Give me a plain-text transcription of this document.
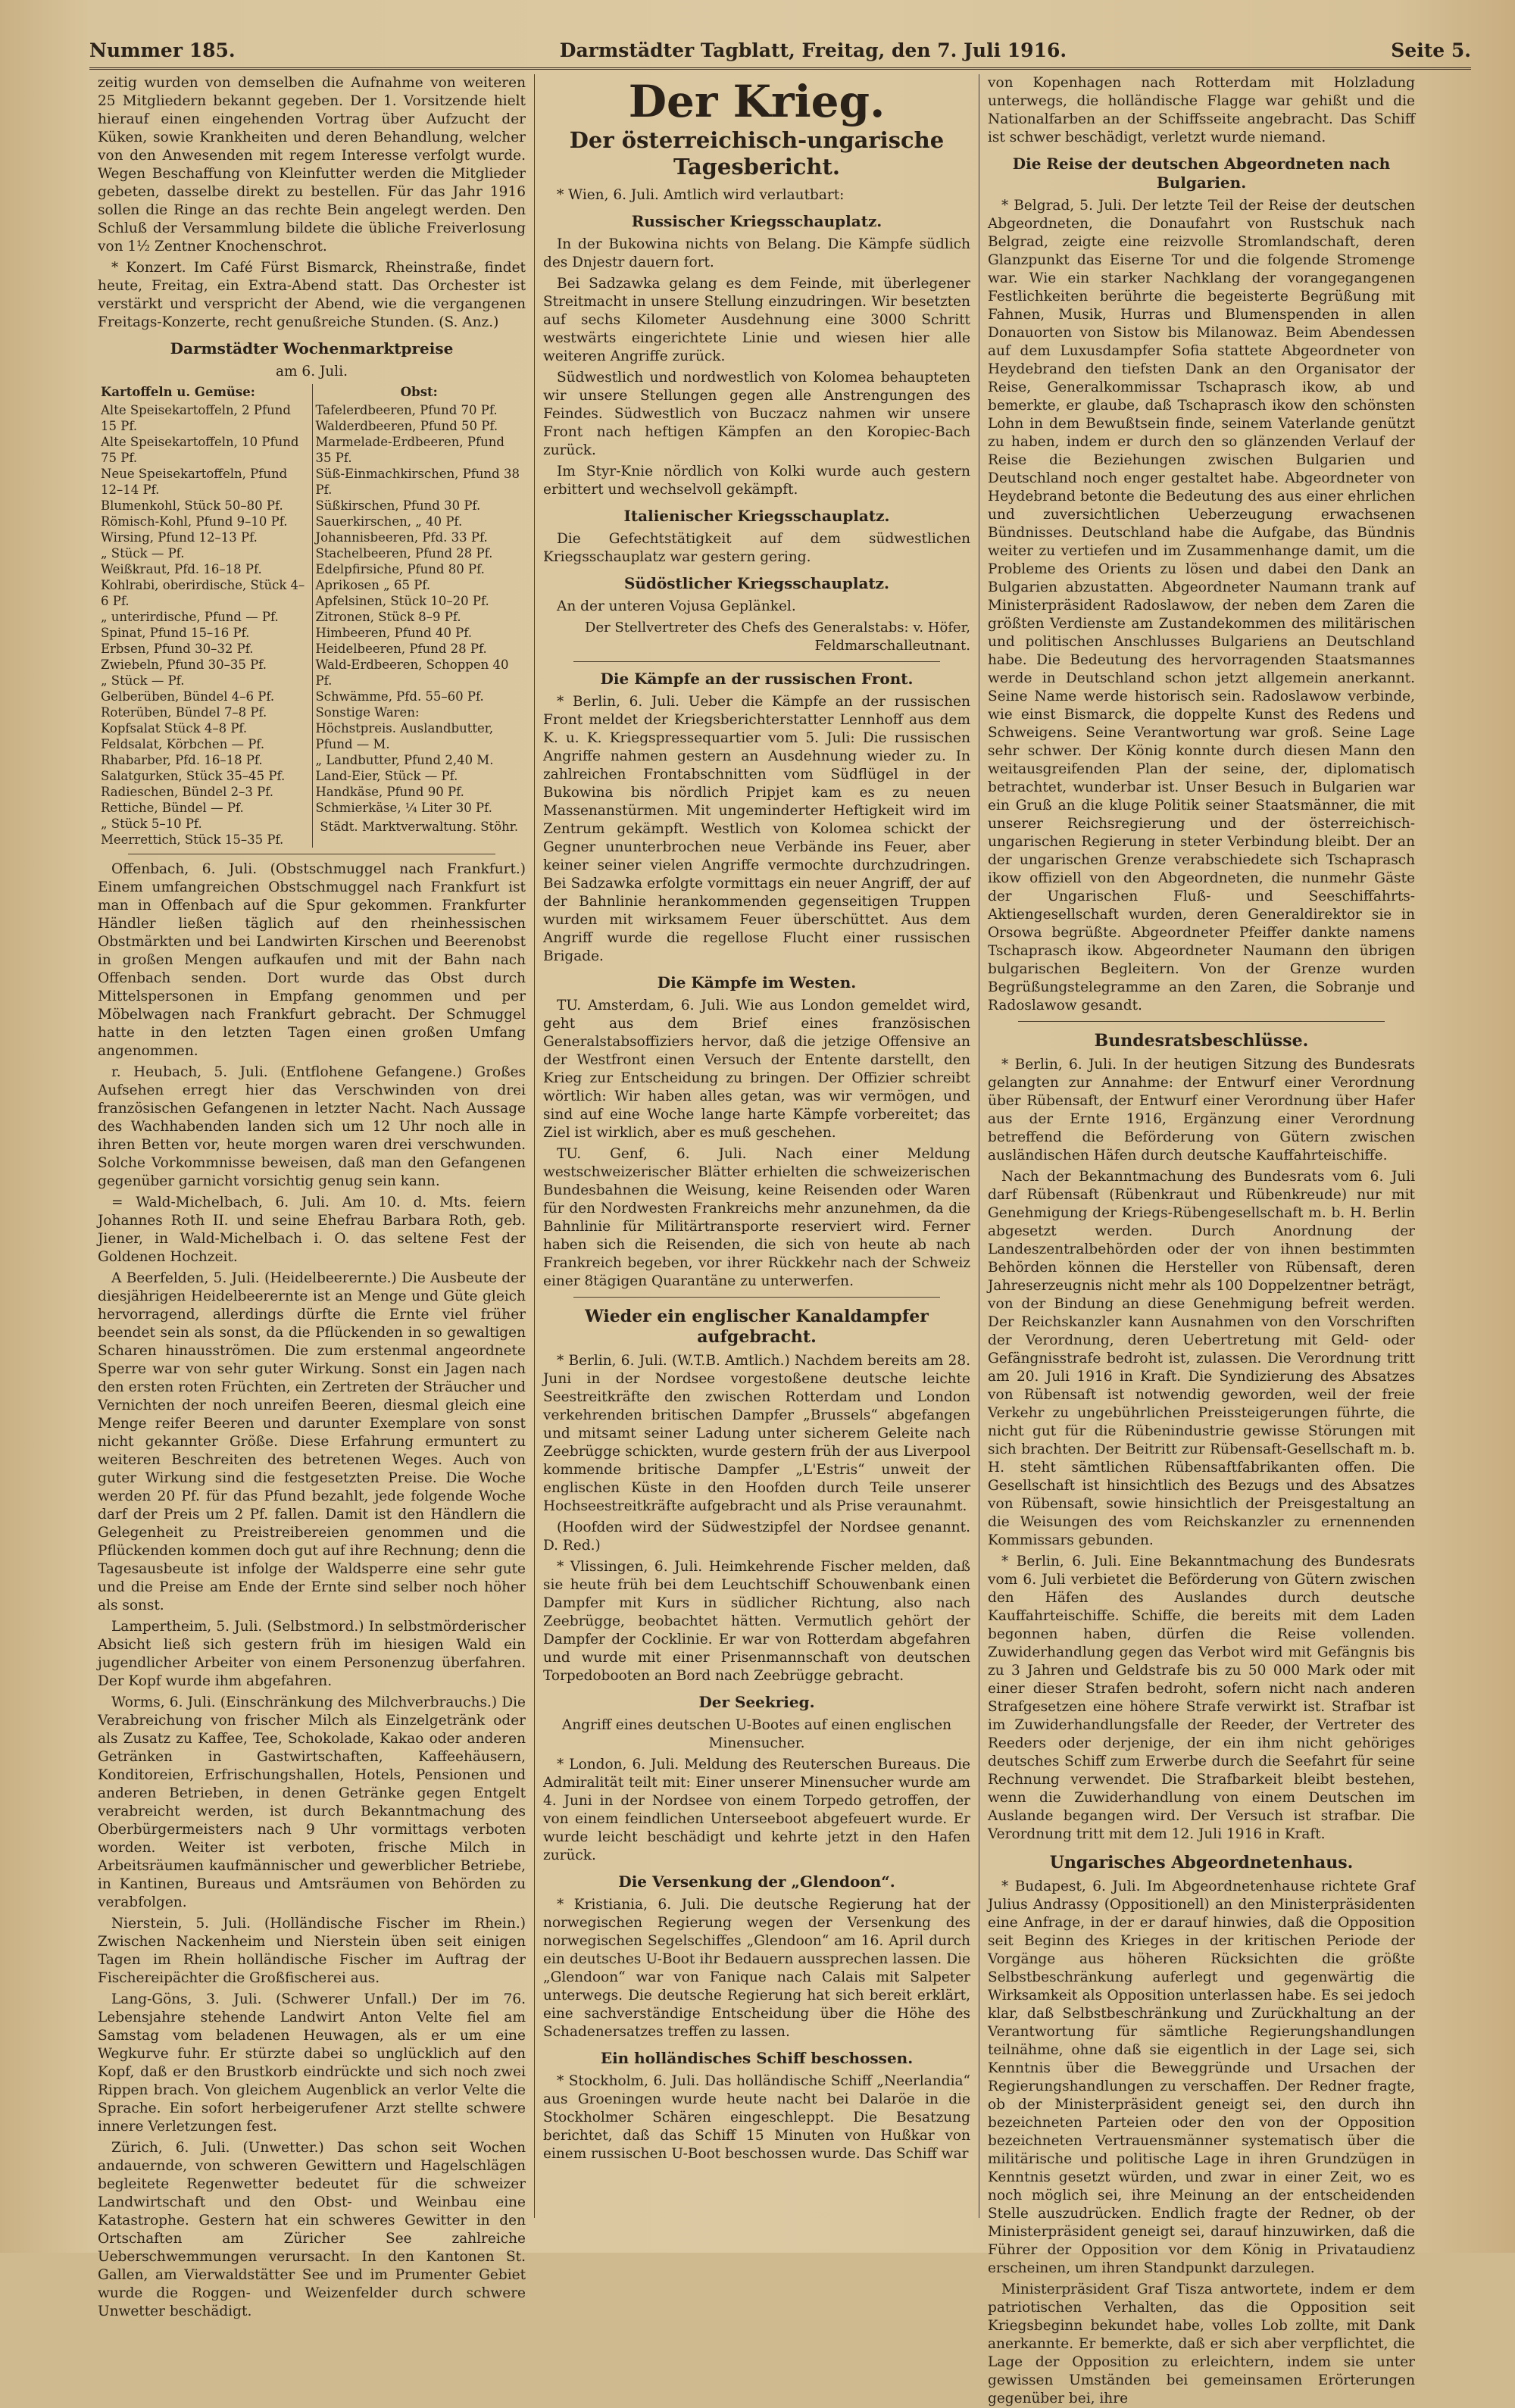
Nummer 185.	Darmstädter Tagblatt, Freitag, den 7. Juli 1916.	Seite 5.

zeitig wurden von demselben die Aufnahme von weiteren 25 Mitgliedern bekannt gegeben. Der 1. Vorsitzende hielt hierauf einen eingehenden Vortrag über Aufzucht der Küken, sowie Krankheiten und deren Behandlung, welcher von den Anwesenden mit regem Interesse verfolgt wurde. Wegen Beschaffung von Kleinfutter werden die Mitglieder gebeten, dasselbe direkt zu bestellen. Für das Jahr 1916 sollen die Ringe an das rechte Bein angelegt werden. Den Schluß der Versammlung bildete die übliche Freiverlosung von 1½ Zentner Knochenschrot.

* Konzert. Im Café Fürst Bismarck, Rheinstraße, findet heute, Freitag, ein Extra-Abend statt. Das Orchester ist verstärkt und verspricht der Abend, wie die vergangenen Freitags-Konzerte, recht genußreiche Stunden. (S. Anz.)

Darmstädter Wochenmarktpreise

am 6. Juli.

Kartoffeln u. Gemüse:
Alte Speisekartoffeln, 2 Pfund 15 Pf.
Alte Speisekartoffeln, 10 Pfund 75 Pf.
Neue Speisekartoffeln, Pfund 12–14 Pf.
Blumenkohl, Stück 50–80 Pf.
Römisch-Kohl, Pfund 9–10 Pf.
Wirsing, Pfund 12–13 Pf.
„ Stück — Pf.
Weißkraut, Pfd. 16–18 Pf.
Kohlrabi, oberirdische, Stück 4–6 Pf.
„ unterirdische, Pfund — Pf.
Spinat, Pfund 15–16 Pf.
Erbsen, Pfund 30–32 Pf.
Zwiebeln, Pfund 30–35 Pf.
„ Stück — Pf.
Gelberüben, Bündel 4–6 Pf.
Roterüben, Bündel 7–8 Pf.
Kopfsalat Stück 4–8 Pf.
Feldsalat, Körbchen — Pf.
Rhabarber, Pfd. 16–18 Pf.
Salatgurken, Stück 35–45 Pf.
Radieschen, Bündel 2–3 Pf.
Rettiche, Bündel — Pf.
„ Stück 5–10 Pf.
Meerrettich, Stück 15–35 Pf.
Obst:
Tafelerdbeeren, Pfund 70 Pf.
Walderdbeeren, Pfund 50 Pf.
Marmelade-Erdbeeren, Pfund 35 Pf.
Süß-Einmachkirschen, Pfund 38 Pf.
Süßkirschen, Pfund 30 Pf.
Sauerkirschen, „ 40 Pf.
Johannisbeeren, Pfd. 33 Pf.
Stachelbeeren, Pfund 28 Pf.
Edelpfirsiche, Pfund 80 Pf.
Aprikosen „ 65 Pf.
Apfelsinen, Stück 10–20 Pf.
Zitronen, Stück 8–9 Pf.
Himbeeren, Pfund 40 Pf.
Heidelbeeren, Pfund 28 Pf.
Wald-Erdbeeren, Schoppen 40 Pf.
Schwämme, Pfd. 55–60 Pf.
Sonstige Waren:
Höchstpreis. Auslandbutter, Pfund — M.
„ Landbutter, Pfund 2,40 M.
Land-Eier, Stück — Pf.
Handkäse, Pfund 90 Pf.
Schmierkäse, ¼ Liter 30 Pf.

Städt. Marktverwaltung. Stöhr.

Offenbach, 6. Juli. (Obstschmuggel nach Frankfurt.) Einem umfangreichen Obstschmuggel nach Frankfurt ist man in Offenbach auf die Spur gekommen. Frankfurter Händler ließen täglich auf den rheinhessischen Obstmärkten und bei Landwirten Kirschen und Beerenobst in großen Mengen aufkaufen und mit der Bahn nach Offenbach senden. Dort wurde das Obst durch Mittelspersonen in Empfang genommen und per Möbelwagen nach Frankfurt gebracht. Der Schmuggel hatte in den letzten Tagen einen großen Umfang angenommen.

r. Heubach, 5. Juli. (Entflohene Gefangene.) Großes Aufsehen erregt hier das Verschwinden von drei französischen Gefangenen in letzter Nacht. Nach Aussage des Wachhabenden landen sich um 12 Uhr noch alle in ihren Betten vor, heute morgen waren drei verschwunden. Solche Vorkommnisse beweisen, daß man den Gefangenen gegenüber garnicht vorsichtig genug sein kann.

= Wald-Michelbach, 6. Juli. Am 10. d. Mts. feiern Johannes Roth II. und seine Ehefrau Barbara Roth, geb. Jiener, in Wald-Michelbach i. O. das seltene Fest der Goldenen Hochzeit.

A Beerfelden, 5. Juli. (Heidelbeerernte.) Die Ausbeute der diesjährigen Heidelbeerernte ist an Menge und Güte gleich hervorragend, allerdings dürfte die Ernte viel früher beendet sein als sonst, da die Pflückenden in so gewaltigen Scharen hinausströmen. Die zum erstenmal angeordnete Sperre war von sehr guter Wirkung. Sonst ein Jagen nach den ersten roten Früchten, ein Zertreten der Sträucher und Vernichten der noch unreifen Beeren, diesmal gleich eine Menge reifer Beeren und darunter Exemplare von sonst nicht gekannter Größe. Diese Erfahrung ermuntert zu weiteren Beschreiten des betretenen Weges. Auch von guter Wirkung sind die festgesetzten Preise. Die Woche werden 20 Pf. für das Pfund bezahlt, jede folgende Woche darf der Preis um 2 Pf. fallen. Damit ist den Händlern die Gelegenheit zu Preistreibereien genommen und die Pflückenden kommen doch gut auf ihre Rechnung; denn die Tagesausbeute ist infolge der Waldsperre eine sehr gute und die Preise am Ende der Ernte sind selber noch höher als sonst.

Lampertheim, 5. Juli. (Selbstmord.) In selbstmörderischer Absicht ließ sich gestern früh im hiesigen Wald ein jugendlicher Arbeiter von einem Personenzug überfahren. Der Kopf wurde ihm abgefahren.

Worms, 6. Juli. (Einschränkung des Milchverbrauchs.) Die Verabreichung von frischer Milch als Einzelgetränk oder als Zusatz zu Kaffee, Tee, Schokolade, Kakao oder anderen Getränken in Gastwirtschaften, Kaffeehäusern, Konditoreien, Erfrischungshallen, Hotels, Pensionen und anderen Betrieben, in denen Getränke gegen Entgelt verabreicht werden, ist durch Bekanntmachung des Oberbürgermeisters nach 9 Uhr vormittags verboten worden. Weiter ist verboten, frische Milch in Arbeitsräumen kaufmännischer und gewerblicher Betriebe, in Kantinen, Bureaus und Amtsräumen von Behörden zu verabfolgen.

Nierstein, 5. Juli. (Holländische Fischer im Rhein.) Zwischen Nackenheim und Nierstein üben seit einigen Tagen im Rhein holländische Fischer im Auftrag der Fischereipächter die Großfischerei aus.

Lang-Göns, 3. Juli. (Schwerer Unfall.) Der im 76. Lebensjahre stehende Landwirt Anton Velte fiel am Samstag vom beladenen Heuwagen, als er um eine Wegkurve fuhr. Er stürzte dabei so unglücklich auf den Kopf, daß er den Brustkorb eindrückte und sich noch zwei Rippen brach. Von gleichem Augenblick an verlor Velte die Sprache. Ein sofort herbeigerufener Arzt stellte schwere innere Verletzungen fest.

Zürich, 6. Juli. (Unwetter.) Das schon seit Wochen andauernde, von schweren Gewittern und Hagelschlägen begleitete Regenwetter bedeutet für die schweizer Landwirtschaft und den Obst- und Weinbau eine Katastrophe. Gestern hat ein schweres Gewitter in den Ortschaften am Züricher See zahlreiche Ueberschwemmungen verursacht. In den Kantonen St. Gallen, am Vierwaldstätter See und im Prumenter Gebiet wurde die Roggen- und Weizenfelder durch schwere Unwetter beschädigt.

Der Krieg.
Der österreichisch-ungarische Tagesbericht.

* Wien, 6. Juli. Amtlich wird verlautbart:

Russischer Kriegsschauplatz.

In der Bukowina nichts von Belang. Die Kämpfe südlich des Dnjestr dauern fort.

Bei Sadzawka gelang es dem Feinde, mit überlegener Streitmacht in unsere Stellung einzudringen. Wir besetzten auf sechs Kilometer Ausdehnung eine 3000 Schritt westwärts eingerichtete Linie und wiesen hier alle weiteren Angriffe zurück.

Südwestlich und nordwestlich von Kolomea behaupteten wir unsere Stellungen gegen alle Anstrengungen des Feindes. Südwestlich von Buczacz nahmen wir unsere Front nach heftigen Kämpfen an den Koropiec-Bach zurück.

Im Styr-Knie nördlich von Kolki wurde auch gestern erbittert und wechselvoll gekämpft.

Italienischer Kriegsschauplatz.

Die Gefechtstätigkeit auf dem südwestlichen Kriegsschauplatz war gestern gering.

Südöstlicher Kriegsschauplatz.

An der unteren Vojusa Geplänkel.

Der Stellvertreter des Chefs des Generalstabs: v. Höfer, Feldmarschalleutnant.

Die Kämpfe an der russischen Front.

* Berlin, 6. Juli. Ueber die Kämpfe an der russischen Front meldet der Kriegsberichterstatter Lennhoff aus dem K. u. K. Kriegspressequartier vom 5. Juli: Die russischen Angriffe nahmen gestern an Ausdehnung wieder zu. In zahlreichen Frontabschnitten vom Südflügel in der Bukowina bis nördlich Pripjet kam es zu neuen Massenanstürmen. Mit ungeminderter Heftigkeit wird im Zentrum gekämpft. Westlich von Kolomea schickt der Gegner ununterbrochen neue Verbände ins Feuer, aber keiner seiner vielen Angriffe vermochte durchzudringen. Bei Sadzawka erfolgte vormittags ein neuer Angriff, der auf der Bahnlinie herankommenden gegenseitigen Truppen wurden mit wirksamem Feuer überschüttet. Aus dem Angriff wurde die regellose Flucht einer russischen Brigade.

Die Kämpfe im Westen.

TU. Amsterdam, 6. Juli. Wie aus London gemeldet wird, geht aus dem Brief eines französischen Generalstabsoffiziers hervor, daß die jetzige Offensive an der Westfront einen Versuch der Entente darstellt, den Krieg zur Entscheidung zu bringen. Der Offizier schreibt wörtlich: Wir haben alles getan, was wir vermögen, und sind auf eine Woche lange harte Kämpfe vorbereitet; das Ziel ist wirklich, aber es muß geschehen.

TU. Genf, 6. Juli. Nach einer Meldung westschweizerischer Blätter erhielten die schweizerischen Bundesbahnen die Weisung, keine Reisenden oder Waren für den Nordwesten Frankreichs mehr anzunehmen, da die Bahnlinie für Militärtransporte reserviert wird. Ferner haben sich die Reisenden, die sich von heute ab nach Frankreich begeben, vor ihrer Rückkehr nach der Schweiz einer 8tägigen Quarantäne zu unterwerfen.

Wieder ein englischer Kanaldampfer aufgebracht.

* Berlin, 6. Juli. (W.T.B. Amtlich.) Nachdem bereits am 28. Juni in der Nordsee vorgestoßene deutsche leichte Seestreitkräfte den zwischen Rotterdam und London verkehrenden britischen Dampfer „Brussels“ abgefangen und mitsamt seiner Ladung unter sicherem Geleite nach Zeebrügge schickten, wurde gestern früh der aus Liverpool kommende britische Dampfer „L'Estris“ unweit der englischen Küste in den Hoofden durch Teile unserer Hochseestreitkräfte aufgebracht und als Prise veraunahmt.

(Hoofden wird der Südwestzipfel der Nordsee genannt. D. Red.)

* Vlissingen, 6. Juli. Heimkehrende Fischer melden, daß sie heute früh bei dem Leuchtschiff Schouwenbank einen Dampfer mit Kurs in südlicher Richtung, also nach Zeebrügge, beobachtet hätten. Vermutlich gehört der Dampfer der Cocklinie. Er war von Rotterdam abgefahren und wurde mit einer Prisenmannschaft von deutschen Torpedobooten an Bord nach Zeebrügge gebracht.

Der Seekrieg.

Angriff eines deutschen U-Bootes auf einen englischen Minensucher.

* London, 6. Juli. Meldung des Reuterschen Bureaus. Die Admiralität teilt mit: Einer unserer Minensucher wurde am 4. Juni in der Nordsee von einem Torpedo getroffen, der von einem feindlichen Unterseeboot abgefeuert wurde. Er wurde leicht beschädigt und kehrte jetzt in den Hafen zurück.

Die Versenkung der „Glendoon“.

* Kristiania, 6. Juli. Die deutsche Regierung hat der norwegischen Regierung wegen der Versenkung des norwegischen Segelschiffes „Glendoon“ am 16. April durch ein deutsches U-Boot ihr Bedauern aussprechen lassen. Die „Glendoon“ war von Fanique nach Calais mit Salpeter unterwegs. Die deutsche Regierung hat sich bereit erklärt, eine sachverständige Entscheidung über die Höhe des Schadenersatzes treffen zu lassen.

Ein holländisches Schiff beschossen.

* Stockholm, 6. Juli. Das holländische Schiff „Neerlandia“ aus Groeningen wurde heute nacht bei Dalaröe in die Stockholmer Schären eingeschleppt. Die Besatzung berichtet, daß das Schiff 15 Minuten von Hußkar von einem russischen U-Boot beschossen wurde. Das Schiff war

von Kopenhagen nach Rotterdam mit Holzladung unterwegs, die holländische Flagge war gehißt und die Nationalfarben an der Schiffsseite angebracht. Das Schiff ist schwer beschädigt, verletzt wurde niemand.

Die Reise der deutschen Abgeordneten nach Bulgarien.

* Belgrad, 5. Juli. Der letzte Teil der Reise der deutschen Abgeordneten, die Donaufahrt von Rustschuk nach Belgrad, zeigte eine reizvolle Stromlandschaft, deren Glanzpunkt das Eiserne Tor und die folgende Stromenge war. Wie ein starker Nachklang der vorangegangenen Festlichkeiten berührte die begeisterte Begrüßung mit Fahnen, Musik, Hurras und Blumenspenden in allen Donauorten von Sistow bis Milanowaz. Beim Abendessen auf dem Luxusdampfer Sofia stattete Abgeordneter von Heydebrand den tiefsten Dank an den Organisator der Reise, Generalkommissar Tschaprasch ikow, ab und bemerkte, er glaube, daß Tschaprasch ikow den schönsten Lohn in dem Bewußtsein finde, seinem Vaterlande genützt zu haben, indem er durch den so glänzenden Verlauf der Reise die Beziehungen zwischen Bulgarien und Deutschland noch enger gestaltet habe. Abgeordneter von Heydebrand betonte die Bedeutung des aus einer ehrlichen und zuversichtlichen Ueberzeugung erwachsenen Bündnisses. Deutschland habe die Aufgabe, das Bündnis weiter zu vertiefen und im Zusammenhange damit, um die Probleme des Orients zu lösen und dabei den Dank an Bulgarien abzustatten. Abgeordneter Naumann trank auf Ministerpräsident Radoslawow, der neben dem Zaren die größten Verdienste am Zustandekommen des militärischen und politischen Anschlusses Bulgariens an Deutschland habe. Die Bedeutung des hervorragenden Staatsmannes werde in Deutschland schon jetzt allgemein anerkannt. Seine Name werde historisch sein. Radoslawow verbinde, wie einst Bismarck, die doppelte Kunst des Redens und Schweigens. Seine Verantwortung war groß. Seine Lage sehr schwer. Der König konnte durch diesen Mann den weitausgreifenden Plan der seine, der, diplomatisch betrachtet, wunderbar ist. Unser Besuch in Bulgarien war ein Gruß an die kluge Politik seiner Staatsmänner, die mit unserer Reichsregierung und der österreichisch-ungarischen Regierung in steter Verbindung bleibt. Der an der ungarischen Grenze verabschiedete sich Tschaprasch ikow offiziell von den Abgeordneten, die nunmehr Gäste der Ungarischen Fluß- und Seeschiffahrts-Aktiengesellschaft wurden, deren Generaldirektor sie in Orsowa begrüßte. Abgeordneter Pfeiffer dankte namens Tschaprasch ikow. Abgeordneter Naumann den übrigen bulgarischen Begleitern. Von der Grenze wurden Begrüßungstelegramme an den Zaren, die Sobranje und Radoslawow gesandt.

Bundesratsbeschlüsse.

* Berlin, 6. Juli. In der heutigen Sitzung des Bundesrats gelangten zur Annahme: der Entwurf einer Verordnung über Rübensaft, der Entwurf einer Verordnung über Hafer aus der Ernte 1916, Ergänzung einer Verordnung betreffend die Beförderung von Gütern zwischen ausländischen Häfen durch deutsche Kauffahrteischiffe.

Nach der Bekanntmachung des Bundesrats vom 6. Juli darf Rübensaft (Rübenkraut und Rübenkreude) nur mit Genehmigung der Kriegs-Rübengesellschaft m. b. H. Berlin abgesetzt werden. Durch Anordnung der Landeszentralbehörden oder der von ihnen bestimmten Behörden können die Hersteller von Rübensaft, deren Jahreserzeugnis nicht mehr als 100 Doppelzentner beträgt, von der Bindung an diese Genehmigung befreit werden. Der Reichskanzler kann Ausnahmen von den Vorschriften der Verordnung, deren Uebertretung mit Geld- oder Gefängnisstrafe bedroht ist, zulassen. Die Verordnung tritt am 20. Juli 1916 in Kraft. Die Syndizierung des Absatzes von Rübensaft ist notwendig geworden, weil der freie Verkehr zu ungebührlichen Preissteigerungen führte, die nicht gut für die Rübenindustrie gewisse Störungen mit sich brachten. Der Beitritt zur Rübensaft-Gesellschaft m. b. H. steht sämtlichen Rübensaftfabrikanten offen. Die Gesellschaft ist hinsichtlich des Bezugs und des Absatzes von Rübensaft, sowie hinsichtlich der Preisgestaltung an die Weisungen des vom Reichskanzler zu ernennenden Kommissars gebunden.

* Berlin, 6. Juli. Eine Bekanntmachung des Bundesrats vom 6. Juli verbietet die Beförderung von Gütern zwischen den Häfen des Auslandes durch deutsche Kauffahrteischiffe. Schiffe, die bereits mit dem Laden begonnen haben, dürfen die Reise vollenden. Zuwiderhandlung gegen das Verbot wird mit Gefängnis bis zu 3 Jahren und Geldstrafe bis zu 50 000 Mark oder mit einer dieser Strafen bedroht, sofern nicht nach anderen Strafgesetzen eine höhere Strafe verwirkt ist. Strafbar ist im Zuwiderhandlungsfalle der Reeder, der Vertreter des Reeders oder derjenige, der ein ihm nicht gehöriges deutsches Schiff zum Erwerbe durch die Seefahrt für seine Rechnung verwendet. Die Strafbarkeit bleibt bestehen, wenn die Zuwiderhandlung von einem Deutschen im Auslande begangen wird. Der Versuch ist strafbar. Die Verordnung tritt mit dem 12. Juli 1916 in Kraft.

Ungarisches Abgeordnetenhaus.

* Budapest, 6. Juli. Im Abgeordnetenhause richtete Graf Julius Andrassy (Oppositionell) an den Ministerpräsidenten eine Anfrage, in der er darauf hinwies, daß die Opposition seit Beginn des Krieges in der kritischen Periode der Vorgänge aus höheren Rücksichten die größte Selbstbeschränkung auferlegt und gegenwärtig die Wirksamkeit als Opposition unterlassen habe. Es sei jedoch klar, daß Selbstbeschränkung und Zurückhaltung an der Verantwortung für sämtliche Regierungshandlungen teilnähme, ohne daß sie eigentlich in der Lage sei, sich Kenntnis über die Beweggründe und Ursachen der Regierungshandlungen zu verschaffen. Der Redner fragte, ob der Ministerpräsident geneigt sei, den durch ihn bezeichneten Parteien oder den von der Opposition bezeichneten Vertrauensmänner systematisch über die militärische und politische Lage in ihren Grundzügen in Kenntnis gesetzt würden, und zwar in einer Zeit, wo es noch möglich sei, ihre Meinung an der entscheidenden Stelle auszudrücken. Endlich fragte der Redner, ob der Ministerpräsident geneigt sei, darauf hinzuwirken, daß die Führer der Opposition vor dem König in Privataudienz erscheinen, um ihren Standpunkt darzulegen.

Ministerpräsident Graf Tisza antwortete, indem er dem patriotischen Verhalten, das die Opposition seit Kriegsbeginn bekundet habe, volles Lob zollte, mit Dank anerkannte. Er bemerkte, daß er sich aber verpflichtet, die Lage der Opposition zu erleichtern, indem sie unter gewissen Umständen bei gemeinsamen Erörterungen gegenüber bei, ihre
